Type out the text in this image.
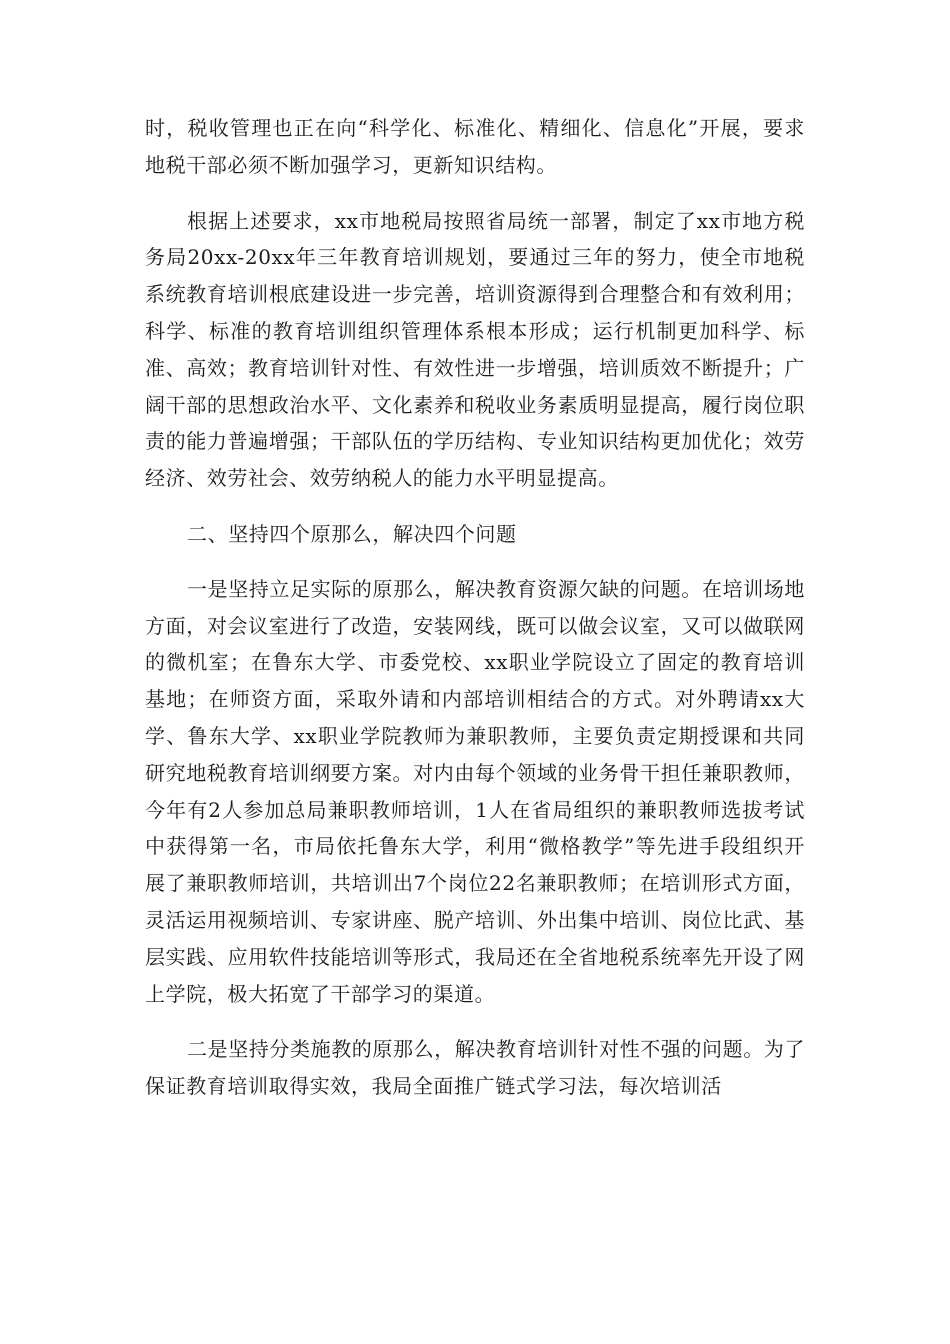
时，税收管理也正在向“科学化、标准化、精细化、信息化”开展，要求地税干部必须不断加强学习，更新知识结构。

根据上述要求，xx市地税局按照省局统一部署，制定了xx市地方税务局20xx-20xx年三年教育培训规划，要通过三年的努力，使全市地税系统教育培训根底建设进一步完善，培训资源得到合理整合和有效利用；科学、标准的教育培训组织管理体系根本形成；运行机制更加科学、标准、高效；教育培训针对性、有效性进一步增强，培训质效不断提升；广阔干部的思想政治水平、文化素养和税收业务素质明显提高，履行岗位职责的能力普遍增强；干部队伍的学历结构、专业知识结构更加优化；效劳经济、效劳社会、效劳纳税人的能力水平明显提高。

二、坚持四个原那么，解决四个问题

一是坚持立足实际的原那么，解决教育资源欠缺的问题。在培训场地方面，对会议室进行了改造，安装网线，既可以做会议室，又可以做联网的微机室；在鲁东大学、市委党校、xx职业学院设立了固定的教育培训基地；在师资方面，采取外请和内部培训相结合的方式。对外聘请xx大学、鲁东大学、xx职业学院教师为兼职教师，主要负责定期授课和共同研究地税教育培训纲要方案。对内由每个领域的业务骨干担任兼职教师，今年有2人参加总局兼职教师培训，1人在省局组织的兼职教师选拔考试中获得第一名，市局依托鲁东大学，利用“微格教学”等先进手段组织开展了兼职教师培训，共培训出7个岗位22名兼职教师；在培训形式方面，灵活运用视频培训、专家讲座、脱产培训、外出集中培训、岗位比武、基层实践、应用软件技能培训等形式，我局还在全省地税系统率先开设了网上学院，极大拓宽了干部学习的渠道。

二是坚持分类施教的原那么，解决教育培训针对性不强的问题。为了保证教育培训取得实效，我局全面推广链式学习法，每次培训活
